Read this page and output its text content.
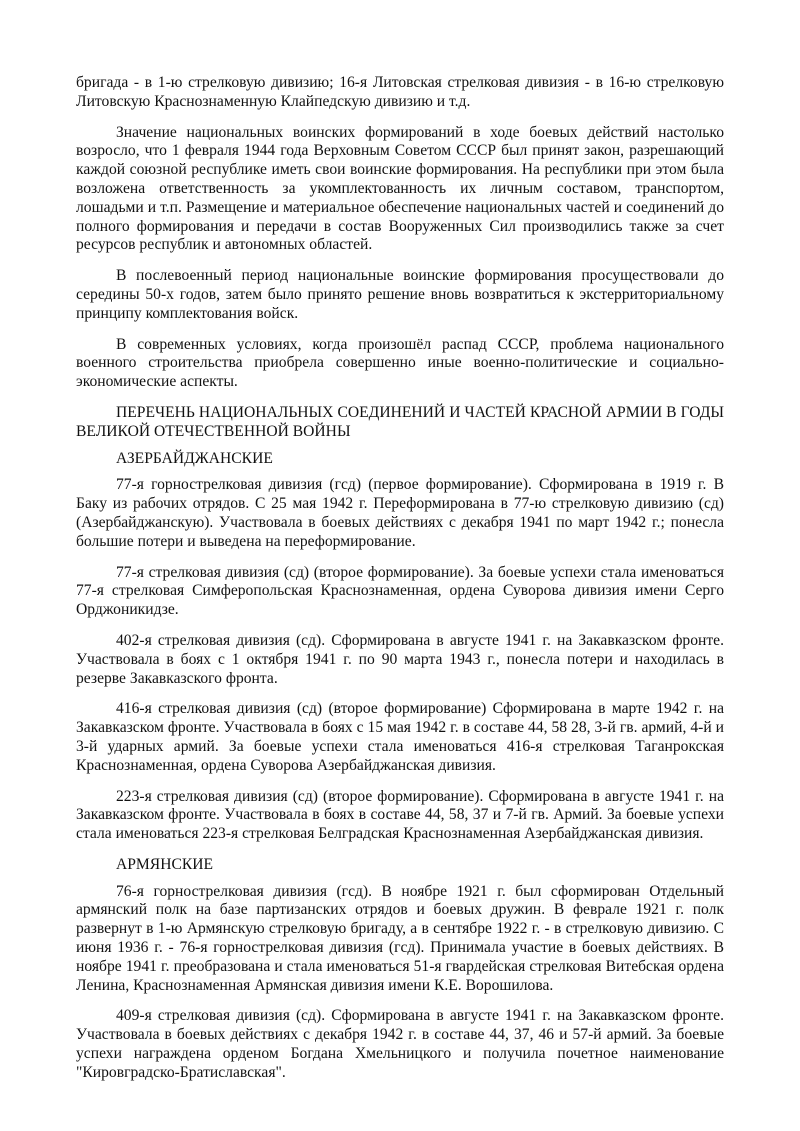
бригада - в 1-ю стрелковую дивизию; 16-я Литовская стрелковая дивизия - в 16-ю стрелковую Литовскую Краснознаменную Клайпедскую дивизию и т.д.

Значение национальных воинских формирований в ходе боевых действий настолько возросло, что 1 февраля 1944 года Верховным Советом СССР был принят закон, разрешающий каждой союзной республике иметь свои воинские формирования. На республики при этом была возложена ответственность за укомплектованность их личным составом, транспортом, лошадьми и т.п. Размещение и материальное обеспечение национальных частей и соединений до полного формирования и передачи в состав Вооруженных Сил производились также за счет ресурсов республик и автономных областей.

В послевоенный период национальные воинские формирования просуществовали до середины 50-х годов, затем было принято решение вновь возвратиться к экстерриториальному принципу комплектования войск.

В современных условиях, когда произошёл распад СССР, проблема национального военного строительства приобрела совершенно иные военно-политические и социально-экономические аспекты.

ПЕРЕЧЕНЬ НАЦИОНАЛЬНЫХ СОЕДИНЕНИЙ И ЧАСТЕЙ КРАСНОЙ АРМИИ В ГОДЫ ВЕЛИКОЙ ОТЕЧЕСТВЕННОЙ ВОЙНЫ

АЗЕРБАЙДЖАНСКИЕ

77-я горнострелковая дивизия (гсд) (первое формирование). Сформирована в 1919 г. В Баку из рабочих отрядов. С 25 мая 1942 г. Переформирована в 77-ю стрелковую дивизию (сд) (Азербайджанскую). Участвовала в боевых действиях с декабря 1941 по март 1942 г.; понесла большие потери и выведена на переформирование.

77-я стрелковая дивизия (сд) (второе формирование). За боевые успехи стала именоваться 77-я стрелковая Симферопольская Краснознаменная, ордена Суворова дивизия имени Серго Орджоникидзе.

402-я стрелковая дивизия (сд). Сформирована в августе 1941 г. на Закавказском фронте. Участвовала в боях с 1 октября 1941 г. по 90 марта 1943 г., понесла потери и находилась в резерве Закавказского фронта.

416-я стрелковая дивизия (сд) (второе формирование) Сформирована в марте 1942 г. на Закавказском фронте. Участвовала в боях с 15 мая 1942 г. в составе 44, 58 28, 3-й гв. армий, 4-й и 3-й ударных армий. За боевые успехи стала именоваться 416-я стрелковая Таганрокская Краснознаменная, ордена Суворова Азербайджанская дивизия.

223-я стрелковая дивизия (сд) (второе формирование). Сформирована в августе 1941 г. на Закавказском фронте. Участвовала в боях в составе 44, 58, 37 и 7-й гв. Армий. За боевые успехи стала именоваться 223-я стрелковая Белградская Краснознаменная Азербайджанская дивизия.

АРМЯНСКИЕ

76-я горнострелковая дивизия (гсд). В ноябре 1921 г. был сформирован Отдельный армянский полк на базе партизанских отрядов и боевых дружин. В феврале 1921 г. полк развернут в 1-ю Армянскую стрелковую бригаду, а в сентябре 1922 г. - в стрелковую дивизию. С июня 1936 г. - 76-я горнострелковая дивизия (гсд). Принимала участие в боевых действиях. В ноябре 1941 г. преобразована и стала именоваться 51-я гвардейская стрелковая Витебская ордена Ленина, Краснознаменная Армянская дивизия имени К.Е. Ворошилова.

409-я стрелковая дивизия (сд). Сформирована в августе 1941 г. на Закавказском фронте. Участвовала в боевых действиях с декабря 1942 г. в составе 44, 37, 46 и 57-й армий. За боевые успехи награждена орденом Богдана Хмельницкого и получила почетное наименование "Кировградско-Братиславская".
